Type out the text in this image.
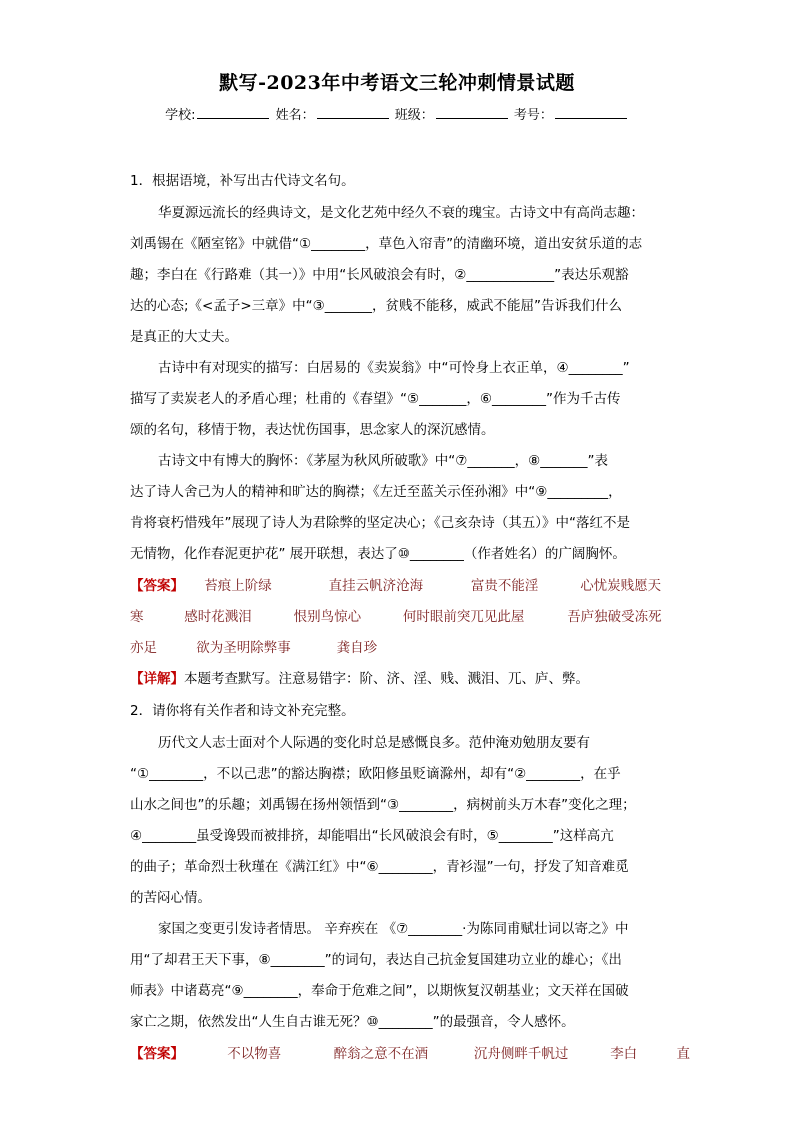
默写-2023年中考语文三轮冲刺情景试题
学校:	姓名：	班级：	考号：
1．根据语境，补写出古代诗文名句。
华夏源远流长的经典诗文，是文化艺苑中经久不衰的瑰宝。古诗文中有高尚志趣：
刘禹锡在《陋室铭》中就借“①________，草色入帘青”的清幽环境，道出安贫乐道的志
趣；李白在《行路难（其一）》中用“长风破浪会有时，②_____________”表达乐观豁
达的心态;《<孟子>三章》中“③_______，贫贱不能移，威武不能屈”告诉我们什么
是真正的大丈夫。
古诗中有对现实的描写：白居易的《卖炭翁》中“可怜身上衣正单，④________”
描写了卖炭老人的矛盾心理；杜甫的《春望》“⑤_______，⑥________”作为千古传
颂的名句，移情于物，表达忧伤国事，思念家人的深沉感情。
古诗文中有博大的胸怀：《茅屋为秋风所破歌》中“⑦_______，⑧_______”表
达了诗人舍己为人的精神和旷达的胸襟；《左迁至蓝关示侄孙湘》中“⑨_________，
肯将衰朽惜残年”展现了诗人为君除弊的坚定决心；《己亥杂诗（其五）》中“落红不是
无情物，化作春泥更护花” 展开联想，表达了⑩________（作者姓名）的广阔胸怀。
【答案】 苔痕上阶绿	直挂云帆济沧海	富贵不能淫	心忧炭贱愿天
寒	感时花溅泪	恨别鸟惊心	何时眼前突兀见此屋	吾庐独破受冻死
亦足	欲为圣明除弊事	龚自珍
【详解】本题考查默写。注意易错字：阶、济、淫、贱、溅泪、兀、庐、弊。
2．请你将有关作者和诗文补充完整。
历代文人志士面对个人际遇的变化时总是感慨良多。范仲淹劝勉朋友要有
“①________，不以己悲”的豁达胸襟；欧阳修虽贬谪滁州，却有“②________，在乎
山水之间也”的乐趣；刘禹锡在扬州领悟到“③________，病树前头万木春”变化之理；
④________虽受谗毁而被排挤，却能唱出“长风破浪会有时，⑤________”这样高亢
的曲子；革命烈士秋瑾在《满江红》中“⑥________，青衫湿”一句，抒发了知音难觅
的苦闷心情。
家国之变更引发诗者情思。 辛弃疾在 《⑦________·为陈同甫赋壮词以寄之》中
用“了却君王天下事，⑧________”的词句，表达自己抗金复国建功立业的雄心；《出
师表》中诸葛亮“⑨________，奉命于危难之间”，以期恢复汉朝基业；文天祥在国破
家亡之期，依然发出“人生自古谁无死？⑩________”的最强音，令人感怀。
【答案】	不以物喜	醉翁之意不在酒	沉舟侧畔千帆过	李白	直
